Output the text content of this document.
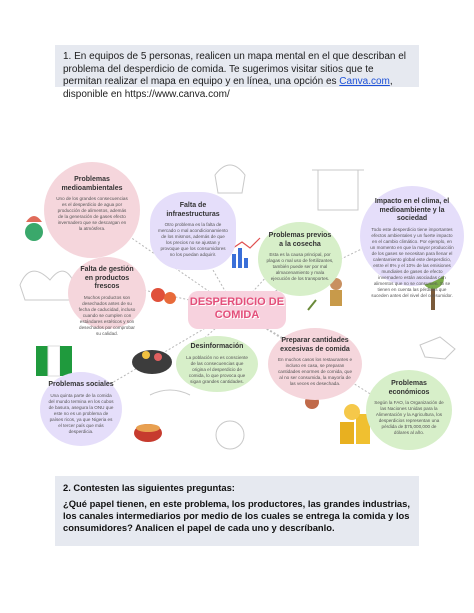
1. En equipos de 5 personas, realicen un mapa mental en el que describan el problema del desperdicio de comida. Te sugerimos visitar sitios que te permitan realizar el mapa en equipo y en línea, una opción es Canva.com, disponible en https://www.canva.com/
Problemas medioambientales
Uno de los grandes consecuencias es el desperdicio de agua por producción de alimentos, además de la generación de gases efecto invernadero que se descargan en la atmósfera.
Falta de infraestructuras
Otro problema es la falta de mercado o mal acondicionamiento de los mismos, además de que los precios no se ajustan y provoque que los consumidores no los puedan adquirir.
Problemas previos a la cosecha
Esta es la causa principal, por plagas o mal uso de fertilizantes, también puede ser por mal almacenamiento y mala ejecución de los transportes.
Impacto en el clima, el medioambiente y la sociedad
Todo este desperdicio tiene importantes efectos ambientales y un fuerte impacto en el cambio climático. Por ejemplo, en un momento en que la mayor producción de los gases se necesitan para llenar el calentamiento global este desperdicio, entre el 8% y el 10% de las emisiones mundiales de gases de efecto invernadero están asociadas con alimentos que no se consumen. Si se tienen en cuenta las pérdidas que suceden antes del nivel del consumidor.
Falta de gestión en productos frescos
Muchos productos son desechados antes de su fecha de caducidad, incluso cuando se cumplen con estándares estéticos y son desechados por comprobar su calidad.
Desinformación
La población no es consciente de las consecuencias que origina el desperdicio de comida, lo que provoca que sigan grandes cantidades.
Preparar cantidades excesivas de comida
En muchos casos los restaurantes e incluso en casa, se preparan cantidades enormes de comida, que al no ser consumida, la mayoría de las veces es desechada.
Problemas sociales
Una quinta parte de la comida del mundo termina en los cubos de basura, asegura la ONU que este no es un problema de países ricos, ya que Nigeria es el tercer país que más desperdicia.
Problemas económicos
Según la FAO, la Organización de las Naciones Unidas para la Alimentación y la Agricultura, los desperdicios representan una pérdida de $75,000,000 de dólares al año.
DESPERDICIO DE COMIDA
2. Contesten las siguientes preguntas:
¿Qué papel tienen, en este problema, los productores, las grandes industrias, los canales intermediarios por medio de los cuales se entrega la comida y los consumidores? Analicen el papel de cada uno y descríbanlo.
